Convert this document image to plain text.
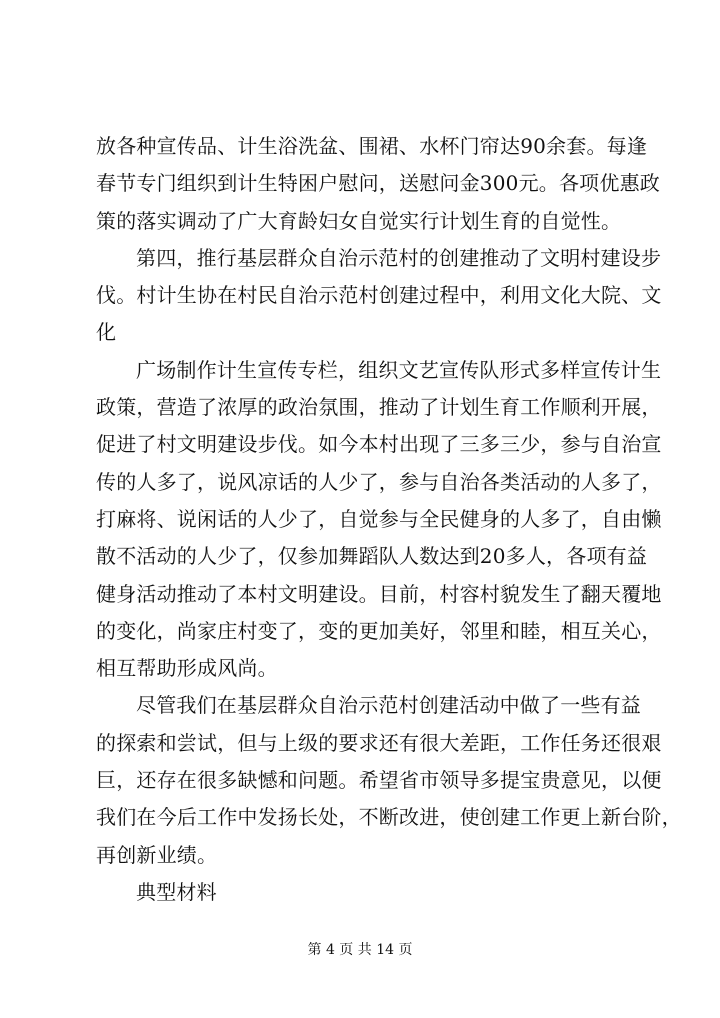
放各种宣传品、计生浴洗盆、围裙、水杯门帘达90余套。每逢
春节专门组织到计生特困户慰问，送慰问金300元。各项优惠政
策的落实调动了广大育龄妇女自觉实行计划生育的自觉性。
第四，推行基层群众自治示范村的创建推动了文明村建设步
伐。村计生协在村民自治示范村创建过程中，利用文化大院、文
化
广场制作计生宣传专栏，组织文艺宣传队形式多样宣传计生
政策，营造了浓厚的政治氛围，推动了计划生育工作顺利开展，
促进了村文明建设步伐。如今本村出现了三多三少，参与自治宣
传的人多了，说风凉话的人少了，参与自治各类活动的人多了，
打麻将、说闲话的人少了，自觉参与全民健身的人多了，自由懒
散不活动的人少了，仅参加舞蹈队人数达到20多人，各项有益
健身活动推动了本村文明建设。目前，村容村貌发生了翻天覆地
的变化，尚家庄村变了，变的更加美好，邻里和睦，相互关心，
相互帮助形成风尚。
尽管我们在基层群众自治示范村创建活动中做了一些有益
的探索和尝试，但与上级的要求还有很大差距，工作任务还很艰
巨，还存在很多缺憾和问题。希望省市领导多提宝贵意见，以便
我们在今后工作中发扬长处，不断改进，使创建工作更上新台阶，
再创新业绩。
典型材料
第 4 页 共 14 页
